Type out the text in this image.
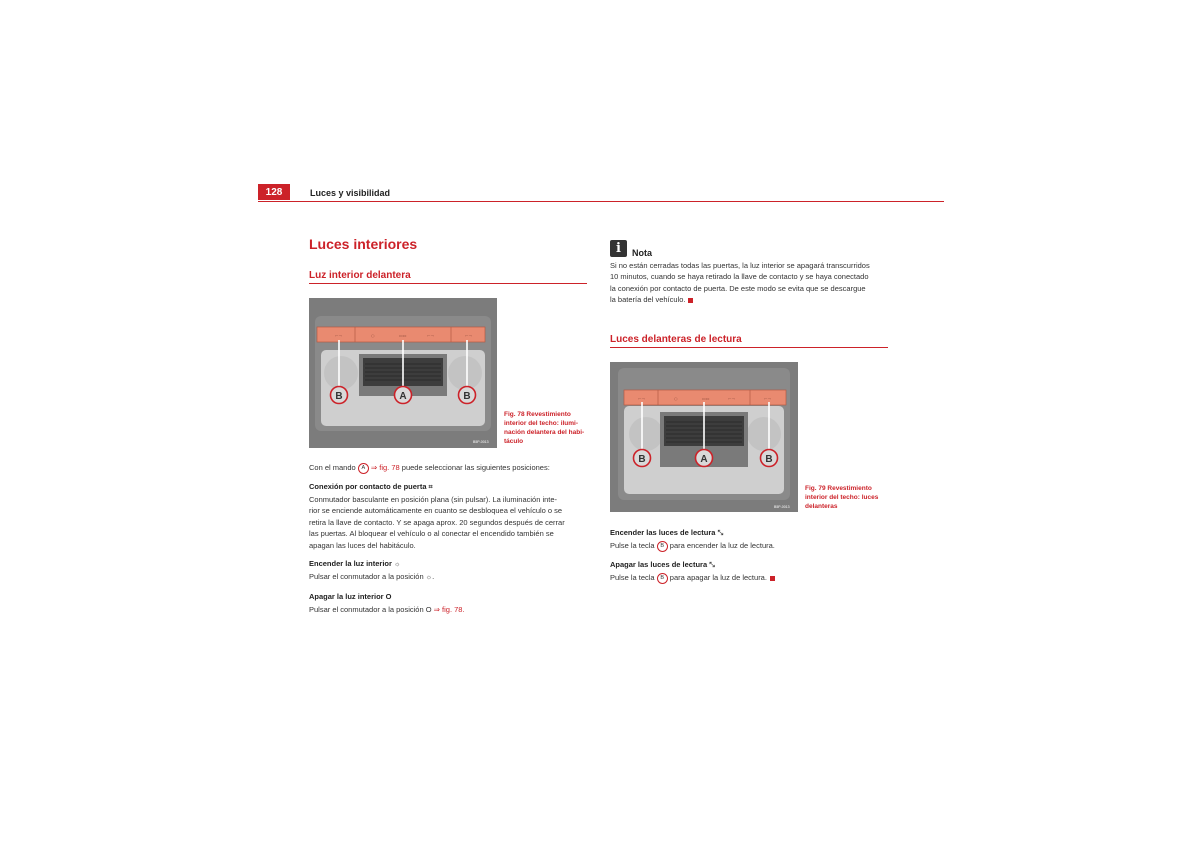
128	Luces y visibilidad
Luces interiores
Luz interior delantera
⌐¬	○	▭▭	⌐¬	⌐¬
B	A	B
B5P-0013
Fig. 78 Revestimiento
interior del techo: ilumi-
nación delantera del habi-
táculo
Con el mando A ⇒ fig. 78 puede seleccionar las siguientes posiciones:
Conexión por contacto de puerta ⌗
Conmutador basculante en posición plana (sin pulsar). La iluminación inte-
rior se enciende automáticamente en cuanto se desbloquea el vehículo o se
retira la llave de contacto. Y se apaga aprox. 20 segundos después de cerrar
las puertas. Al bloquear el vehículo o al conectar el encendido también se
apagan las luces del habitáculo.
Encender la luz interior ☼
Pulsar el conmutador a la posición ☼.
Apagar la luz interior O
Pulsar el conmutador a la posición O ⇒ fig. 78.
i	Nota
Si no están cerradas todas las puertas, la luz interior se apagará transcurridos
10 minutos, cuando se haya retirado la llave de contacto y se haya conectado
la conexión por contacto de puerta. De este modo se evita que se descargue
la batería del vehículo.
Luces delanteras de lectura
⌐¬	○	▭▭	⌐¬	⌐¬
B	A	B
B5P-0013
Fig. 79 Revestimiento
interior del techo: luces
delanteras
Encender las luces de lectura ⤡
Pulse la tecla B para encender la luz de lectura.
Apagar las luces de lectura ⤡
Pulse la tecla B para apagar la luz de lectura.
